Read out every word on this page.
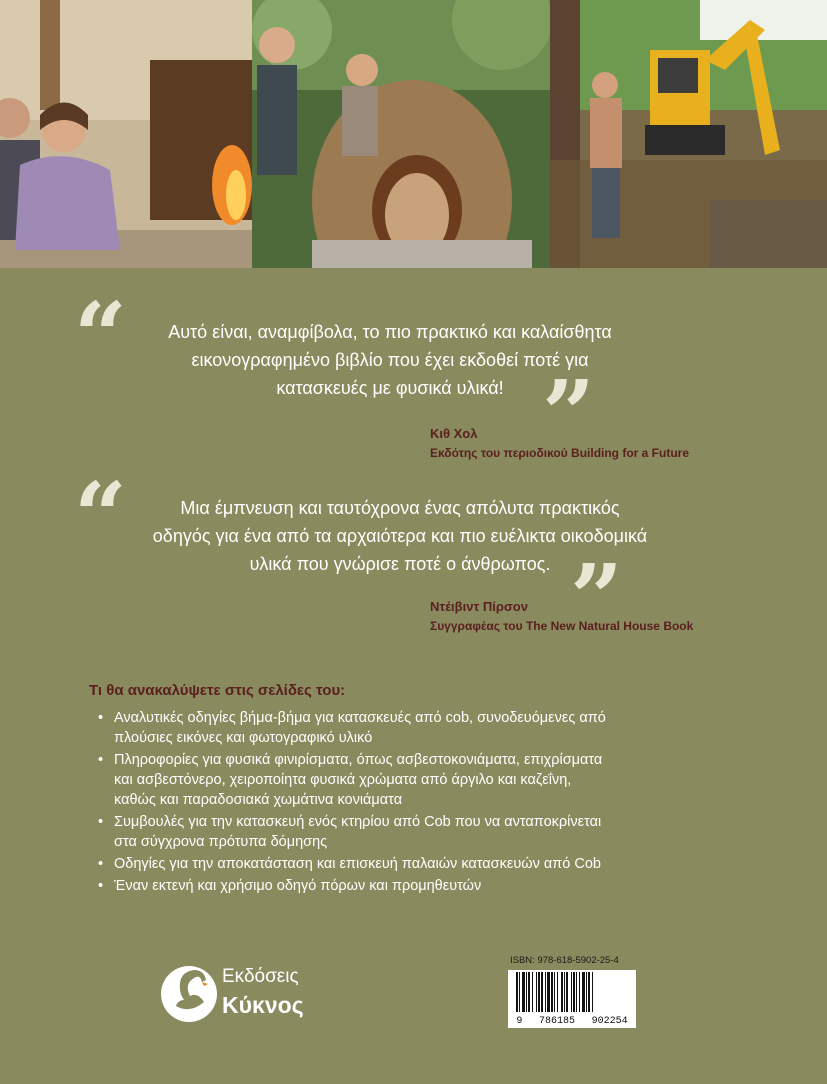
“	Αυτό είναι, αναμφίβολα, το πιο πρακτικό και καλαίσθητα
εικονογραφημένο βιβλίο που έχει εκδοθεί ποτέ για
κατασκευές με φυσικά υλικά! ”
Κιθ Χολ
Εκδότης του περιοδικού Building for a Future
“	Μια έμπνευση και ταυτόχρονα ένας απόλυτα πρακτικός
οδηγός για ένα από τα αρχαιότερα και πιο ευέλικτα οικοδομικά
υλικά που γνώρισε ποτέ ο άνθρωπος. ”
Ντέιβιντ Πίρσον
Συγγραφέας του The New Natural House Book
Τι θα ανακαλύψετε στις σελίδες του:
• Αναλυτικές οδηγίες βήμα-βήμα για κατασκευές από cob, συνοδευόμενες από
πλούσιες εικόνες και φωτογραφικό υλικό
• Πληροφορίες για φυσικά φινιρίσματα, όπως ασβεστοκονιάματα, επιχρίσματα
και ασβεστόνερο, χειροποίητα φυσικά χρώματα από άργιλο και καζεΐνη,
καθώς και παραδοσιακά χωμάτινα κονιάματα
• Συμβουλές για την κατασκευή ενός κτηρίου από Cob που να ανταποκρίνεται
στα σύγχρονα πρότυπα δόμησης
• Οδηγίες για την αποκατάσταση και επισκευή παλαιών κατασκευών από Cob
• Έναν εκτενή και χρήσιμο οδηγό πόρων και προμηθευτών
Εκδόσεις
Κύκνος
ISBN: 978-618-5902-25-4
9 786185 902254
